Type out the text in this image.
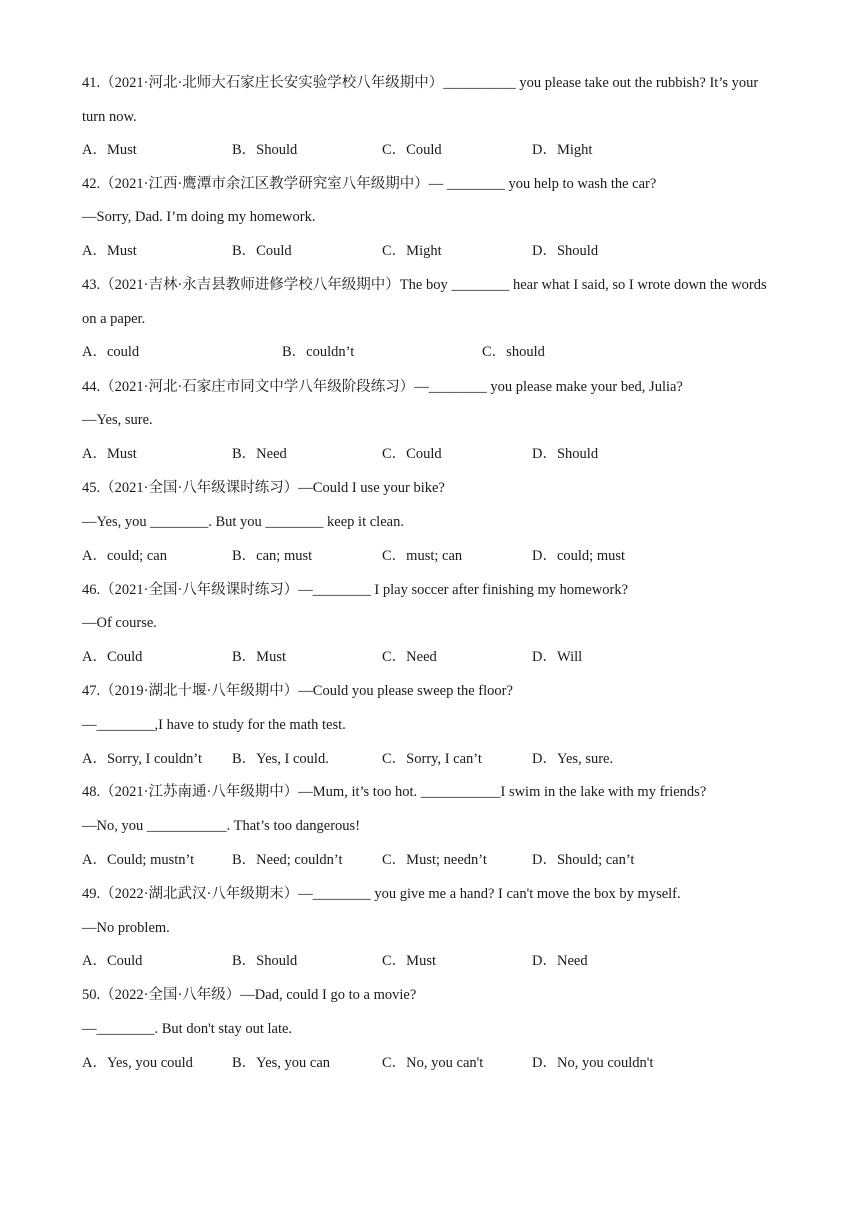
41.（2021·河北·北师大石家庄长安实验学校八年级期中）__________ you please take out the rubbish? It’s your turn now.
A．Must	B．Should	C．Could	D．Might
42.（2021·江西·鹰潭市余江区教学研究室八年级期中）— ________ you help to wash the car?
—Sorry, Dad. I’m doing my homework.
A．Must	B．Could	C．Might	D．Should
43.（2021·吉林·永吉县教师进修学校八年级期中）The boy ________ hear what I said, so I wrote down the words on a paper.
A．could	B．couldn’t	C．should
44.（2021·河北·石家庄市同文中学八年级阶段练习）—________ you please make your bed, Julia?
—Yes, sure.
A．Must	B．Need	C．Could	D．Should
45.（2021·全国·八年级课时练习）—Could I use your bike?
—Yes, you ________. But you ________ keep it clean.
A．could; can	B．can; must	C．must; can	D．could; must
46.（2021·全国·八年级课时练习）—________ I play soccer after finishing my homework?
—Of course.
A．Could	B．Must	C．Need	D．Will
47.（2019·湖北十堰·八年级期中）—Could you please sweep the floor?
—________,I have to study for the math test.
A．Sorry, I couldn’t B．Yes, I could.	C．Sorry, I can’t	D．Yes, sure.
48.（2021·江苏南通·八年级期中）—Mum, it’s too hot. ___________I swim in the lake with my friends?
—No, you ___________. That’s too dangerous!
A．Could; mustn’t	B．Need; couldn’t	C．Must; needn’t	D．Should; can’t
49.（2022·湖北武汉·八年级期末）—________ you give me a hand? I can't move the box by myself.
—No problem.
A．Could	B．Should	C．Must	D．Need
50.（2022·全国·八年级）—Dad, could I go to a movie?
—________. But don't stay out late.
A．Yes, you could	B．Yes, you can	C．No, you can't	D．No, you couldn't
